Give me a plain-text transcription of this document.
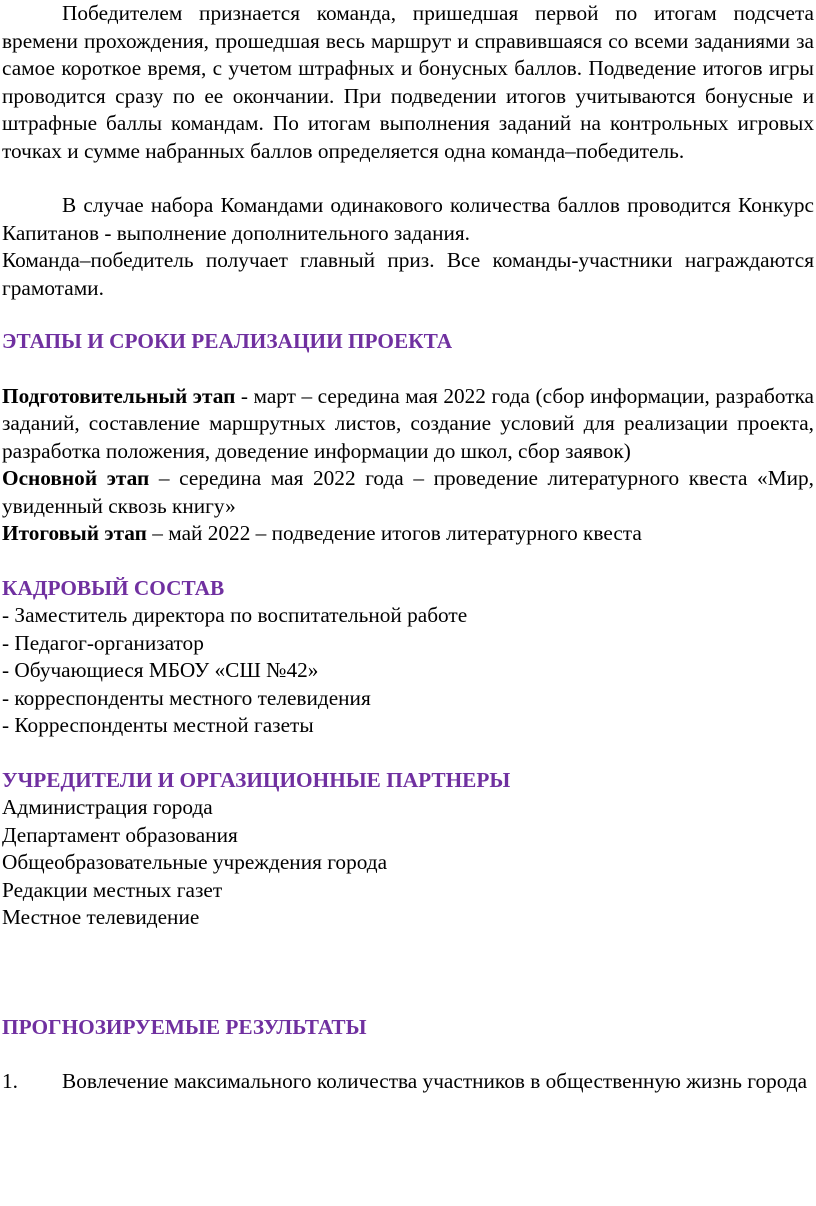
Победителем признается команда, пришедшая первой по итогам подсчета времени прохождения, прошедшая весь маршрут и справившаяся со всеми заданиями за самое короткое время, с учетом штрафных и бонусных баллов. Подведение итогов игры проводится сразу по ее окончании. При подведении итогов учитываются бонусные и штрафные баллы командам. По итогам выполнения заданий на контрольных игровых точках и сумме набранных баллов определяется одна команда–победитель.

В случае набора Командами одинакового количества баллов проводится Конкурс Капитанов - выполнение дополнительного задания.

Команда–победитель получает главный приз. Все команды-участники награждаются грамотами.

ЭТАПЫ И СРОКИ РЕАЛИЗАЦИИ ПРОЕКТА

Подготовительный этап - март – середина мая 2022 года (сбор информации, разработка заданий, составление маршрутных листов, создание условий для реализации проекта, разработка положения, доведение информации до школ, сбор заявок)

Основной этап – середина мая 2022 года – проведение литературного квеста «Мир, увиденный сквозь книгу»

Итоговый этап – май 2022 – подведение итогов литературного квеста

КАДРОВЫЙ СОСТАВ

- Заместитель директора по воспитательной работе

- Педагог-организатор

- Обучающиеся МБОУ «СШ №42»

- корреспонденты местного телевидения

- Корреспонденты местной газеты

УЧРЕДИТЕЛИ И ОРГАЗИЦИОННЫЕ ПАРТНЕРЫ

Администрация города

Департамент образования

Общеобразовательные учреждения города

Редакции местных газет

Местное телевидение

ПРОГНОЗИРУЕМЫЕ РЕЗУЛЬТАТЫ

1. Вовлечение максимального количества участников в общественную жизнь города
